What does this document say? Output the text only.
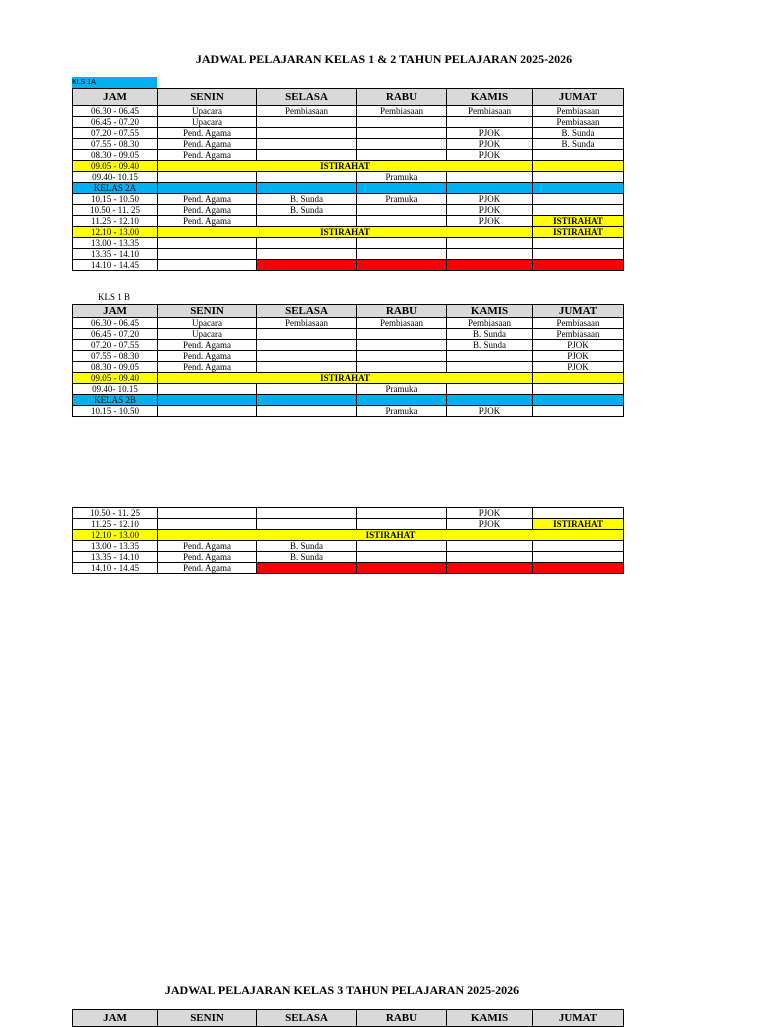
JADWAL PELAJARAN KELAS 1 & 2 TAHUN PELAJARAN 2025-2026
KLS 1A
JAM	SENIN	SELASA	RABU	KAMIS	JUMAT
06.30 - 06.45	Upacara	Pembiasaan	Pembiasaan	Pembiasaan	Pembiasaan
06.45 - 07.20	Upacara				Pembiasaan
07.20 - 07.55	Pend. Agama			PJOK	B. Sunda
07.55 - 08.30	Pend. Agama			PJOK	B. Sunda
08.30 - 09.05	Pend. Agama			PJOK	
09.05 - 09.40	ISTIRAHAT				
09.40- 10.15			Pramuka		
KELAS 2A					
10.15 - 10.50	Pend. Agama	B. Sunda	Pramuka	PJOK	
10.50 - 11. 25	Pend. Agama	B. Sunda		PJOK	
11.25 - 12.10	Pend. Agama			PJOK	ISTIRAHAT
12.10 - 13.00	ISTIRAHAT				ISTIRAHAT
13.00 - 13.35					
13.35 - 14.10					
14.10 - 14.45					
KLS 1 B
JAM	SENIN	SELASA	RABU	KAMIS	JUMAT
06.30 - 06.45	Upacara	Pembiasaan	Pembiasaan	Pembiasaan	Pembiasaan
06.45 - 07.20	Upacara			B. Sunda	Pembiasaan
07.20 - 07.55	Pend. Agama			B. Sunda	PJOK
07.55 - 08.30	Pend. Agama				PJOK
08.30 - 09.05	Pend. Agama				PJOK
09.05 - 09.40	ISTIRAHAT				
09.40- 10.15			Pramuka		
KELAS 2B					
10.15 - 10.50			Pramuka	PJOK	
10.50 - 11. 25				PJOK	
11.25 - 12.10				PJOK	ISTIRAHAT
12.10 - 13.00	ISTIRAHAT				
13.00 - 13.35	Pend. Agama	B. Sunda			
13.35 - 14.10	Pend. Agama	B. Sunda			
14.10 - 14.45	Pend. Agama				
JADWAL PELAJARAN KELAS 3 TAHUN PELAJARAN 2025-2026
JAM	SENIN	SELASA	RABU	KAMIS	JUMAT
